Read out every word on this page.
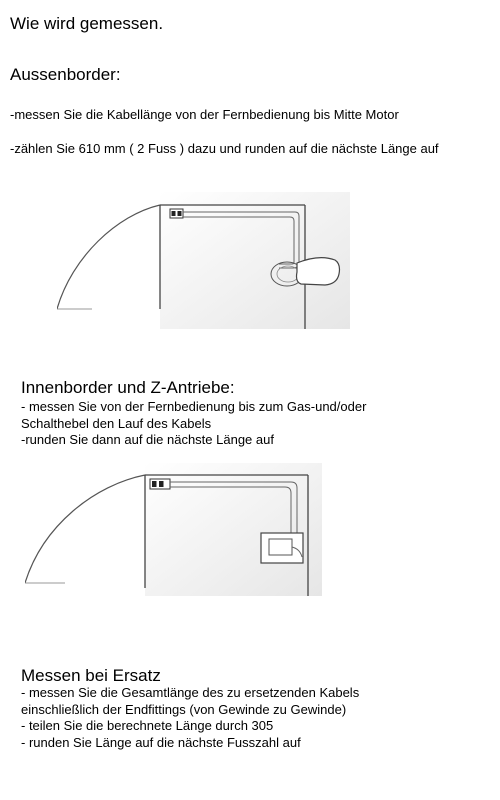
Wie wird gemessen.
Aussenborder:

-messen Sie die Kabellänge von der Fernbedienung bis Mitte Motor

-zählen Sie 610 mm ( 2 Fuss ) dazu und runden auf die nächste Länge auf

Innenborder und Z-Antriebe:
- messen Sie von der Fernbedienung bis zum Gas-und/oder
Schalthebel den Lauf des Kabels
-runden Sie dann auf die nächste Länge auf
Messen bei Ersatz
- messen Sie die Gesamtlänge des zu ersetzenden Kabels
einschließlich der Endfittings (von Gewinde zu Gewinde)
- teilen Sie die berechnete Länge durch 305
- runden Sie Länge auf die nächste Fusszahl auf
